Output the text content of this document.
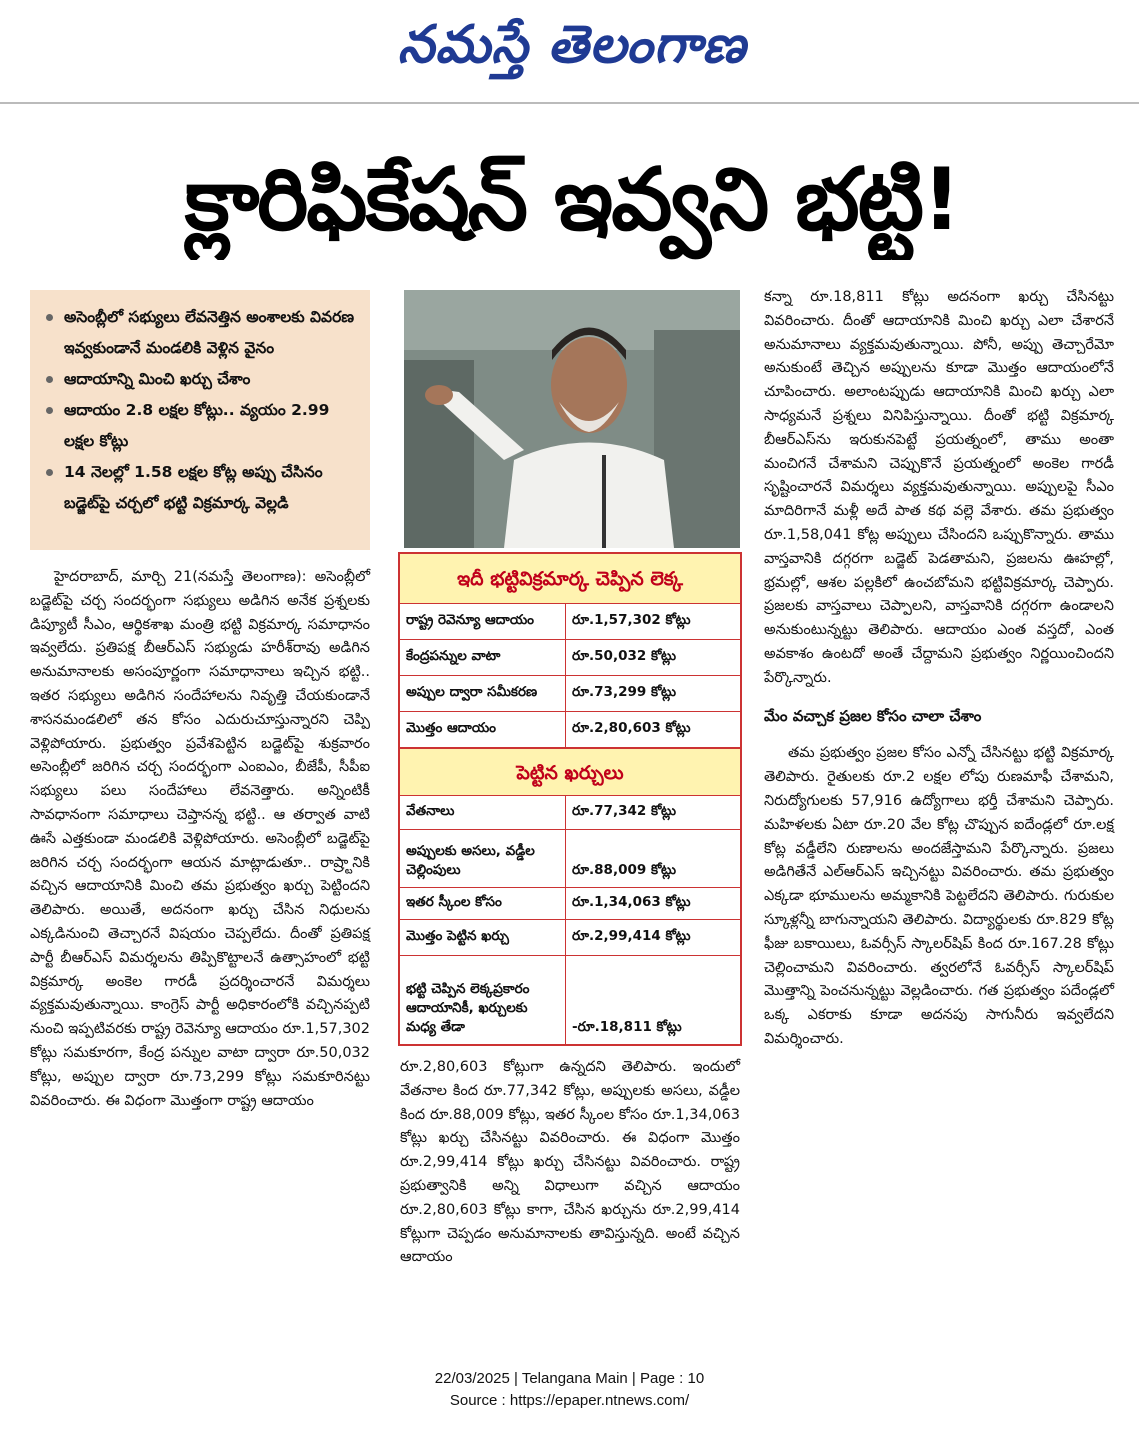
నమస్తే తెలంగాణ
క్లారిఫికేషన్ ఇవ్వని భట్టి!
అసెంబ్లీలో సభ్యులు లేవనెత్తిన అంశాలకు వివరణ ఇవ్వకుండానే మండలికి వెళ్లిన వైనం
ఆదాయాన్ని మించి ఖర్చు చేశాం
ఆదాయం 2.8 లక్షల కోట్లు.. వ్యయం 2.99 లక్షల కోట్లు
14 నెలల్లో 1.58 లక్షల కోట్ల అప్పు చేసినం బడ్జెట్‌పై చర్చలో భట్టి విక్రమార్క వెల్లడి
ఇదీ భట్టివిక్రమార్క చెప్పిన లెక్క
రాష్ట్ర రెవెన్యూ ఆదాయం	రూ.1,57,302 కోట్లు
కేంద్రపన్నుల వాటా	రూ.50,032 కోట్లు
అప్పుల ద్వారా సమీకరణ	రూ.73,299 కోట్లు
మొత్తం ఆదాయం	రూ.2,80,603 కోట్లు
పెట్టిన ఖర్చులు
వేతనాలు	రూ.77,342 కోట్లు
అప్పులకు అసలు, వడ్డీల చెల్లింపులు	రూ.88,009 కోట్లు
ఇతర స్కీంల కోసం	రూ.1,34,063 కోట్లు
మొత్తం పెట్టిన ఖర్చు	రూ.2,99,414 కోట్లు
భట్టి చెప్పిన లెక్కప్రకారం ఆదాయానికీ, ఖర్చులకు మధ్య తేడా	-రూ.18,811 కోట్లు

హైదరాబాద్, మార్చి 21(నమస్తే తెలంగాణ): అసెంబ్లీలో బడ్జెట్‌పై చర్చ సందర్భంగా సభ్యులు అడిగిన అనేక ప్రశ్నలకు డిప్యూటీ సీఎం, ఆర్థికశాఖ మంత్రి భట్టి విక్రమార్క సమాధానం ఇవ్వలేదు. ప్రతిపక్ష బీఆర్‌ఎస్ సభ్యుడు హరీశ్‌రావు అడిగిన అనుమానాలకు అసంపూర్ణంగా సమాధానాలు ఇచ్చిన భట్టి.. ఇతర సభ్యులు అడిగిన సందేహాలను నివృత్తి చేయకుండానే శాసనమండలిలో తన కోసం ఎదురుచూస్తున్నారని చెప్పి వెళ్లిపోయారు. ప్రభుత్వం ప్రవేశపెట్టిన బడ్జెట్‌పై శుక్రవారం అసెంబ్లీలో జరిగిన చర్చ సందర్భంగా ఎంఐఎం, బీజేపీ, సీపీఐ సభ్యులు పలు సందేహాలు లేవనెత్తారు. అన్నింటికీ సావధానంగా సమాధాలు చెప్తానన్న భట్టి.. ఆ తర్వాత వాటి ఊసే ఎత్తకుండా మండలికి వెళ్లిపోయారు. అసెంబ్లీలో బడ్జెట్‌పై జరిగిన చర్చ సందర్భంగా ఆయన మాట్లాడుతూ.. రాష్ర్టానికి వచ్చిన ఆదాయానికి మించి తమ ప్రభుత్వం ఖర్చు పెట్టిందని తెలిపారు. అయితే, అదనంగా ఖర్చు చేసిన నిధులను ఎక్కడినుంచి తెచ్చారనే విషయం చెప్పలేదు. దీంతో ప్రతిపక్ష పార్టీ బీఆర్‌ఎస్ విమర్శలను తిప్పికొట్టాలనే ఉత్సాహంలో భట్టి విక్రమార్క అంకెల గారడీ ప్రదర్శించారనే విమర్శలు వ్యక్తమవుతున్నాయి. కాంగ్రెస్ పార్టీ అధికారంలోకి వచ్చినప్పటి నుంచి ఇప్పటివరకు రాష్ట్ర రెవెన్యూ ఆదాయం రూ.1,57,302 కోట్లు సమకూరగా, కేంద్ర పన్నుల వాటా ద్వారా రూ.50,032 కోట్లు, అప్పుల ద్వారా రూ.73,299 కోట్లు సమకూరినట్టు వివరించారు. ఈ విధంగా మొత్తంగా రాష్ట్ర ఆదాయం

రూ.2,80,603 కోట్లుగా ఉన్నదని తెలిపారు. ఇందులో వేతనాల కింద రూ.77,342 కోట్లు, అప్పులకు అసలు, వడ్డీల కింద రూ.88,009 కోట్లు, ఇతర స్కీంల కోసం రూ.1,34,063 కోట్లు ఖర్చు చేసినట్టు వివరించారు. ఈ విధంగా మొత్తం రూ.2,99,414 కోట్లు ఖర్చు చేసినట్టు వివరించారు. రాష్ట్ర ప్రభుత్వానికి అన్ని విధాలుగా వచ్చిన ఆదాయం రూ.2,80,603 కోట్లు కాగా, చేసిన ఖర్చును రూ.2,99,414 కోట్లుగా చెప్పడం అనుమానాలకు తావిస్తున్నది. అంటే వచ్చిన ఆదాయం

కన్నా రూ.18,811 కోట్లు అదనంగా ఖర్చు చేసినట్టు వివరించారు. దీంతో ఆదాయానికి మించి ఖర్చు ఎలా చేశారనే అనుమానాలు వ్యక్తమవుతున్నాయి. పోనీ, అప్పు తెచ్చారేమో అనుకుంటే తెచ్చిన అప్పులను కూడా మొత్తం ఆదాయంలోనే చూపించారు. అలాంటప్పుడు ఆదాయానికి మించి ఖర్చు ఎలా సాధ్యమనే ప్రశ్నలు వినిపిస్తున్నాయి. దీంతో భట్టి విక్రమార్క బీఆర్‌ఎస్‌ను ఇరుకునపెట్టే ప్రయత్నంలో, తాము అంతా మంచిగనే చేశామని చెప్పుకొనే ప్రయత్నంలో అంకెల గారడీ సృష్టించారనే విమర్శలు వ్యక్తమవుతున్నాయి. అప్పులపై సీఎం మాదిరిగానే మళ్లీ అదే పాత కథ వల్లె వేశారు. తమ ప్రభుత్వం రూ.1,58,041 కోట్ల అప్పులు చేసిందని ఒప్పుకొన్నారు. తాము వాస్తవానికి దగ్గరగా బడ్జెట్ పెడతామని, ప్రజలను ఊహల్లో, భ్రమల్లో, ఆశల పల్లకిలో ఉంచబోమని భట్టివిక్రమార్క చెప్పారు. ప్రజలకు వాస్తవాలు చెప్పాలని, వాస్తవానికి దగ్గరగా ఉండాలని అనుకుంటున్నట్టు తెలిపారు. ఆదాయం ఎంత వస్తదో, ఎంత అవకాశం ఉంటదో అంతే చేద్దామని ప్రభుత్వం నిర్ణయించిందని పేర్కొన్నారు.

మేం వచ్చాక ప్రజల కోసం చాలా చేశాం

తమ ప్రభుత్వం ప్రజల కోసం ఎన్నో చేసినట్టు భట్టి విక్రమార్క తెలిపారు. రైతులకు రూ.2 లక్షల లోపు రుణమాఫీ చేశామని, నిరుద్యోగులకు 57,916 ఉద్యోగాలు భర్తీ చేశామని చెప్పారు. మహిళలకు ఏటా రూ.20 వేల కోట్ల చొప్పున ఐదేండ్లలో రూ.లక్ష కోట్ల వడ్డీలేని రుణాలను అందజేస్తామని పేర్కొన్నారు. ప్రజలు అడిగితేనే ఎల్‌ఆర్‌ఎస్ ఇచ్చినట్టు వివరించారు. తమ ప్రభుత్వం ఎక్కడా భూములను అమ్మకానికి పెట్టలేదని తెలిపారు. గురుకుల స్కూళ్లన్నీ బాగున్నాయని తెలిపారు. విద్యార్థులకు రూ.829 కోట్ల ఫీజు బకాయిలు, ఓవర్సీస్ స్కాలర్‌షిప్ కింద రూ.167.28 కోట్లు చెల్లించామని వివరించారు. త్వరలోనే ఓవర్సీస్ స్కాలర్‌షిప్ మొత్తాన్ని పెంచనున్నట్టు వెల్లడించారు. గత ప్రభుత్వం పదేండ్లలో ఒక్క ఎకరాకు కూడా అదనపు సాగునీరు ఇవ్వలేదని విమర్శించారు.

22/03/2025 | Telangana Main | Page : 10
Source : https://epaper.ntnews.com/
